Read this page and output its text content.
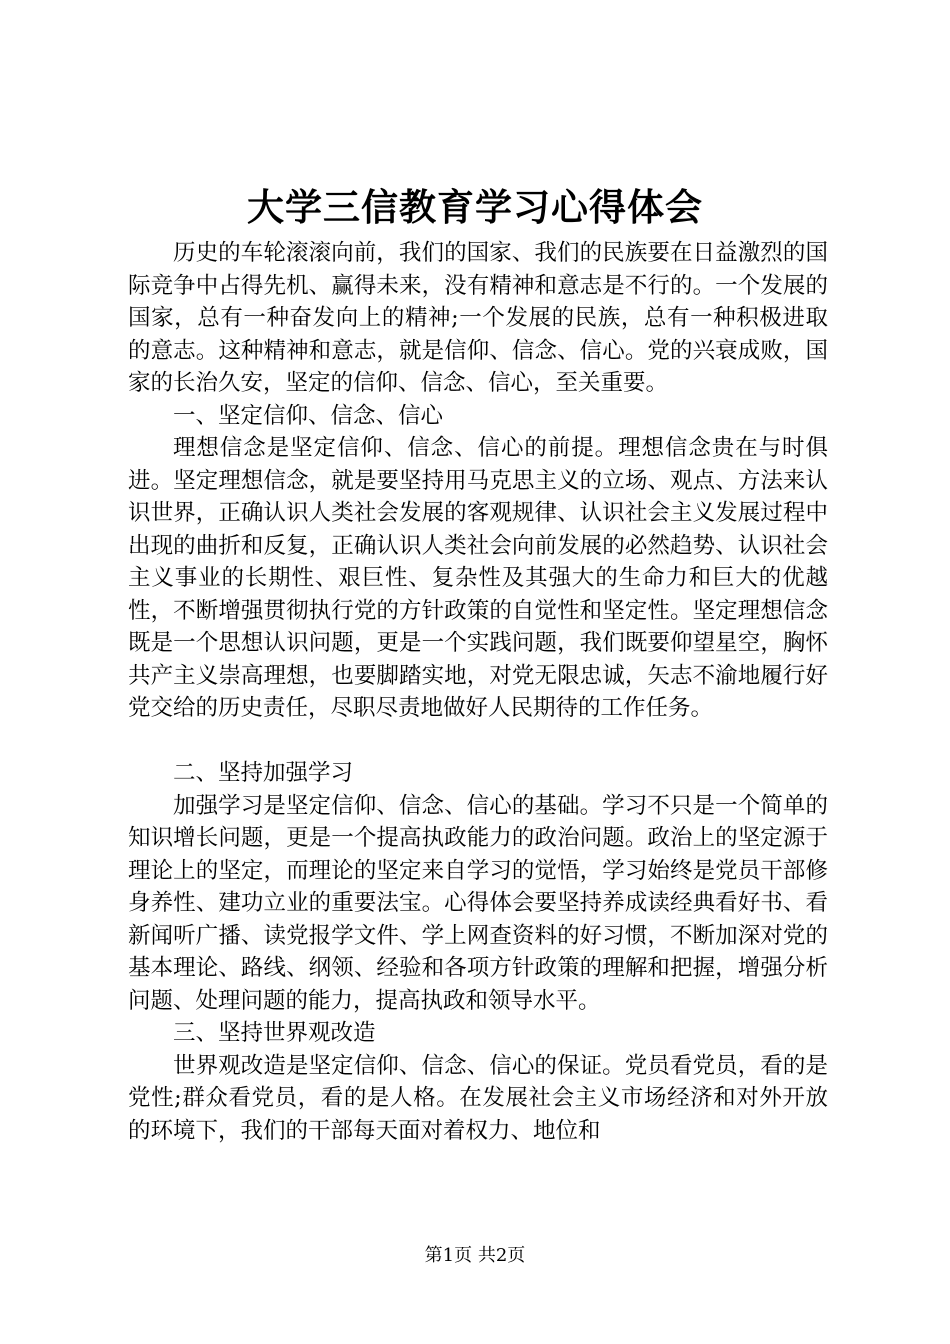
大学三信教育学习心得体会

历史的车轮滚滚向前，我们的国家、我们的民族要在日益激烈的国际竞争中占得先机、赢得未来，没有精神和意志是不行的。一个发展的国家，总有一种奋发向上的精神;一个发展的民族，总有一种积极进取的意志。这种精神和意志，就是信仰、信念、信心。党的兴衰成败，国家的长治久安，坚定的信仰、信念、信心，至关重要。

一、坚定信仰、信念、信心

理想信念是坚定信仰、信念、信心的前提。理想信念贵在与时俱进。坚定理想信念，就是要坚持用马克思主义的立场、观点、方法来认识世界，正确认识人类社会发展的客观规律、认识社会主义发展过程中出现的曲折和反复，正确认识人类社会向前发展的必然趋势、认识社会主义事业的长期性、艰巨性、复杂性及其强大的生命力和巨大的优越性，不断增强贯彻执行党的方针政策的自觉性和坚定性。坚定理想信念既是一个思想认识问题，更是一个实践问题，我们既要仰望星空，胸怀共产主义崇高理想，也要脚踏实地，对党无限忠诚，矢志不渝地履行好党交给的历史责任，尽职尽责地做好人民期待的工作任务。

二、坚持加强学习

加强学习是坚定信仰、信念、信心的基础。学习不只是一个简单的知识增长问题，更是一个提高执政能力的政治问题。政治上的坚定源于理论上的坚定，而理论的坚定来自学习的觉悟，学习始终是党员干部修身养性、建功立业的重要法宝。心得体会要坚持养成读经典看好书、看新闻听广播、读党报学文件、学上网查资料的好习惯，不断加深对党的基本理论、路线、纲领、经验和各项方针政策的理解和把握，增强分析问题、处理问题的能力，提高执政和领导水平。

三、坚持世界观改造

世界观改造是坚定信仰、信念、信心的保证。党员看党员，看的是党性;群众看党员，看的是人格。在发展社会主义市场经济和对外开放的环境下，我们的干部每天面对着权力、地位和

第1页 共2页
